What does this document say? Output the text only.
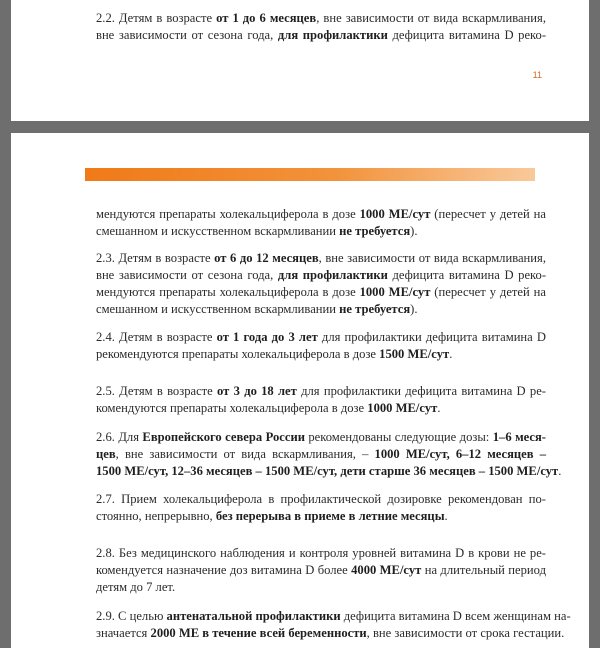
2.2. Детям в возрасте от 1 до 6 месяцев, вне зависимости от вида вскармливания,

вне зависимости от сезона года, для профилактики дефицита витамина D реко-

11

мендуются препараты холекальциферола в дозе 1000 МЕ/сут (пересчет у детей на

смешанном и искусственном вскармливании не требуется).

2.3. Детям в возрасте от 6 до 12 месяцев, вне зависимости от вида вскармливания,

вне зависимости от сезона года, для профилактики дефицита витамина D реко-

мендуются препараты холекальциферола в дозе 1000 МЕ/сут (пересчет у детей на

смешанном и искусственном вскармливании не требуется).

2.4. Детям в возрасте от 1 года до 3 лет для профилактики дефицита витамина D

рекомендуются препараты холекальциферола в дозе 1500 МЕ/сут.

2.5. Детям в возрасте от 3 до 18 лет для профилактики дефицита витамина D ре-

комендуются препараты холекальциферола в дозе 1000 МЕ/сут.

2.6. Для Европейского севера России рекомендованы следующие дозы: 1–6 меся-

цев, вне зависимости от вида вскармливания, – 1000 МЕ/сут, 6–12 месяцев –

1500 МЕ/сут, 12–36 месяцев – 1500 МЕ/сут, дети старше 36 месяцев – 1500 МЕ/сут.

2.7. Прием холекальциферола в профилактической дозировке рекомендован по-

стоянно, непрерывно, без перерыва в приеме в летние месяцы.

2.8. Без медицинского наблюдения и контроля уровней витамина D в крови не ре-

комендуется назначение доз витамина D более 4000 МЕ/сут на длительный период

детям до 7 лет.

2.9. С целью антенатальной профилактики дефицита витамина D всем женщинам на-

значается 2000 МЕ в течение всей беременности, вне зависимости от срока гестации.
